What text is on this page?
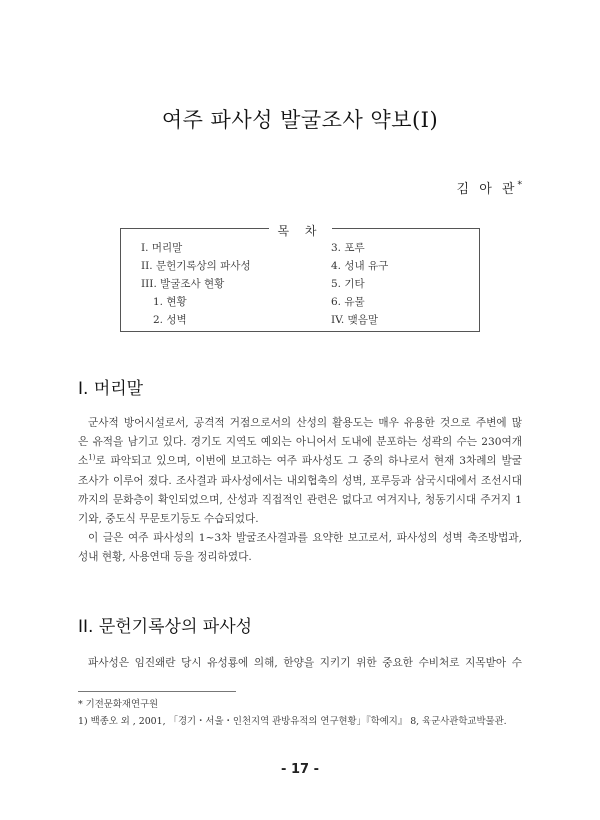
여주 파사성 발굴조사 약보(I)
김 아 관*
목 차
I. 머리말
II. 문헌기록상의 파사성
III. 발굴조사 현황
1. 현황
2. 성벽
3. 포루
4. 성내 유구
5. 기타
6. 유물
IV. 맺음말
I. 머리말
군사적 방어시설로서, 공격적 거점으로서의 산성의 활용도는 매우 유용한 것으로 주변에 많
은 유적을 남기고 있다. 경기도 지역도 예외는 아니어서 도내에 분포하는 성곽의 수는 230여개
소$^{1)}$로 파악되고 있으며, 이번에 보고하는 여주 파사성도 그 중의 하나로서 현재 3차례의 발굴
조사가 이루어 졌다. 조사결과 파사성에서는 내외협축의 성벽, 포루등과 삼국시대에서 조선시대
까지의 문화층이 확인되었으며, 산성과 직접적인 관련은 없다고 여겨지나, 청동기시대 주거지 1
기와, 중도식 무문토기등도 수습되었다.
이 글은 여주 파사성의 1~3차 발굴조사결과를 요약한 보고로서, 파사성의 성벽 축조방법과,
성내 현황, 사용연대 등을 정리하였다.
II. 문헌기록상의 파사성
파사성은 임진왜란 당시 유성룡에 의해, 한양을 지키기 위한 중요한 수비처로 지목받아 수
* 기전문화재연구원
1) 백종오 외 , 2001, 「경기・서울・인천지역 관방유적의 연구현황」『학예지』 8, 육군사관학교박물관.
- 17 -
